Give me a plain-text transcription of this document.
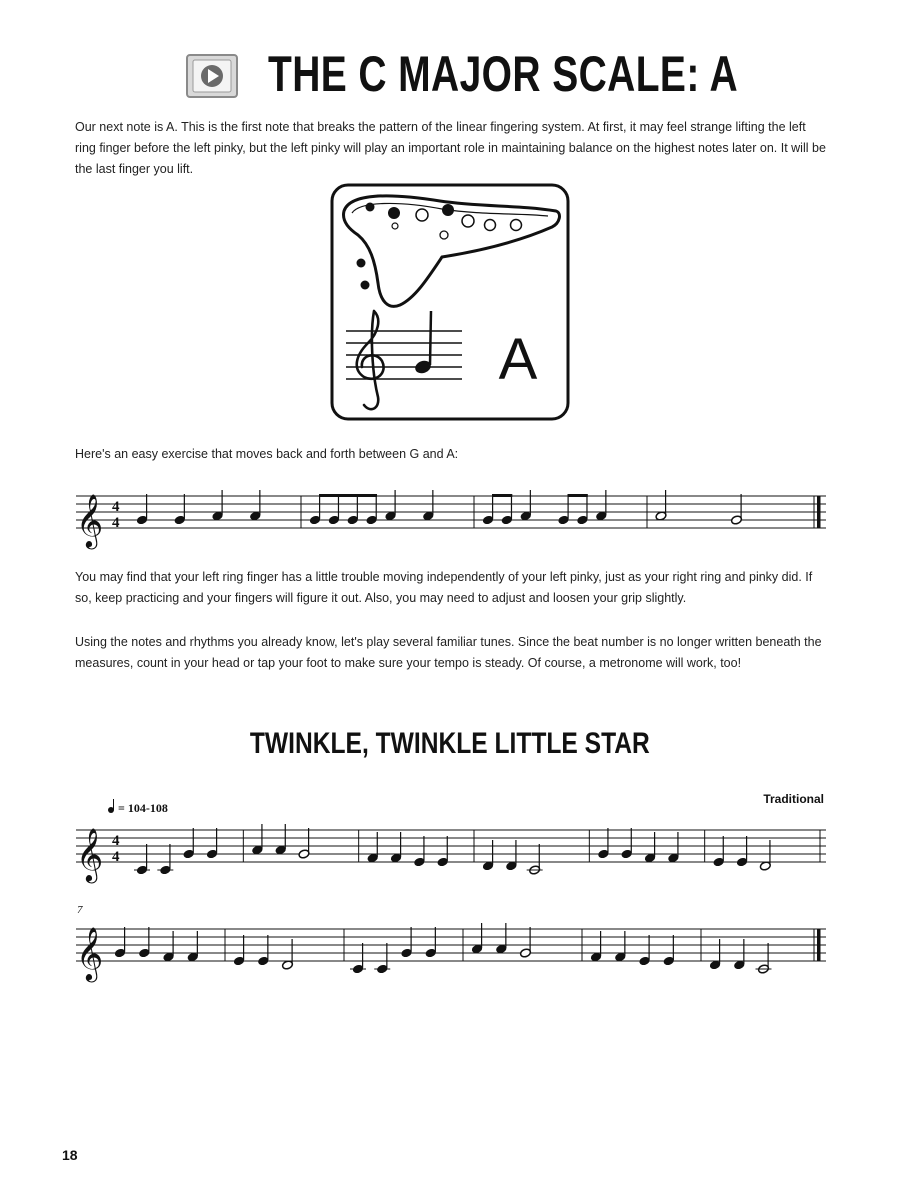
THE C MAJOR SCALE: A
Our next note is A. This is the first note that breaks the pattern of the linear fingering system. At first, it may feel strange lifting the left ring finger before the left pinky, but the left pinky will play an important role in maintaining balance on the highest notes later on. It will be the last finger you lift.
A
Here's an easy exercise that moves back and forth between G and A:
𝄞 4
4
You may find that your left ring finger has a little trouble moving independently of your left pinky, just as your right ring and pinky did. If so, keep practicing and your fingers will figure it out. Also, you may need to adjust and loosen your grip slightly.
Using the notes and rhythms you already know, let's play several familiar tunes. Since the beat number is no longer written beneath the measures, count in your head or tap your foot to make sure your tempo is steady. Of course, a metronome will work, too!
TWINKLE, TWINKLE LITTLE STAR
Traditional
= 104-108
𝄞 4
4
7
𝄞
18
